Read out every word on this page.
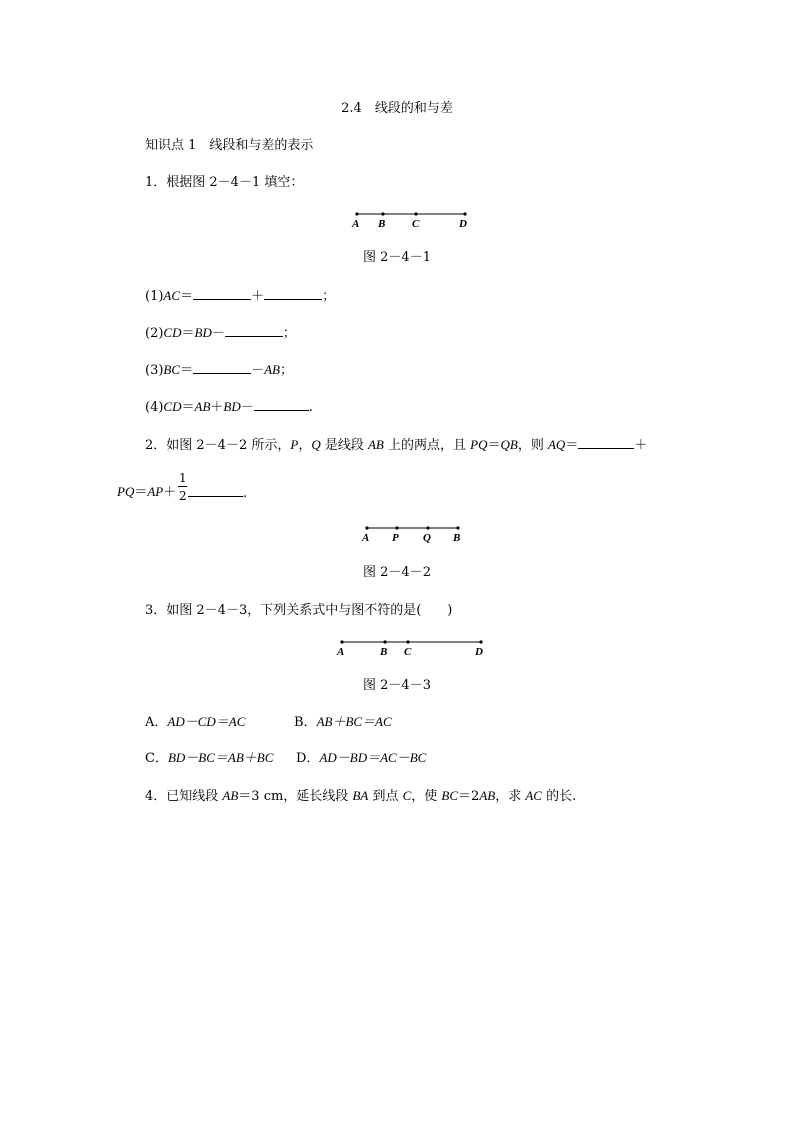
2.4　线段的和与差
知识点 1　线段和与差的表示
1．根据图 2－4－1 填空：
A B C	D
图 2－4－1
(1)AC＝	＋	；
(2)CD＝BD－	；
(3)BC＝	－AB；
(4)CD＝AB＋BD－	.
2．如图 2－4－2 所示，P，Q 是线段 AB 上的两点，且 PQ＝QB，则 AQ＝	＋
PQ＝AP＋
1
2	.
A P Q B
图 2－4－2
3．如图 2－4－3，下列关系式中与图不符的是(　　)
A	B C	D
图 2－4－3
A．AD－CD＝AC	B．AB＋BC＝AC
C．BD－BC＝AB＋BC D．AD－BD＝AC－BC
4．已知线段 AB＝3 cm，延长线段 BA 到点 C，使 BC＝2AB，求 AC 的长.
